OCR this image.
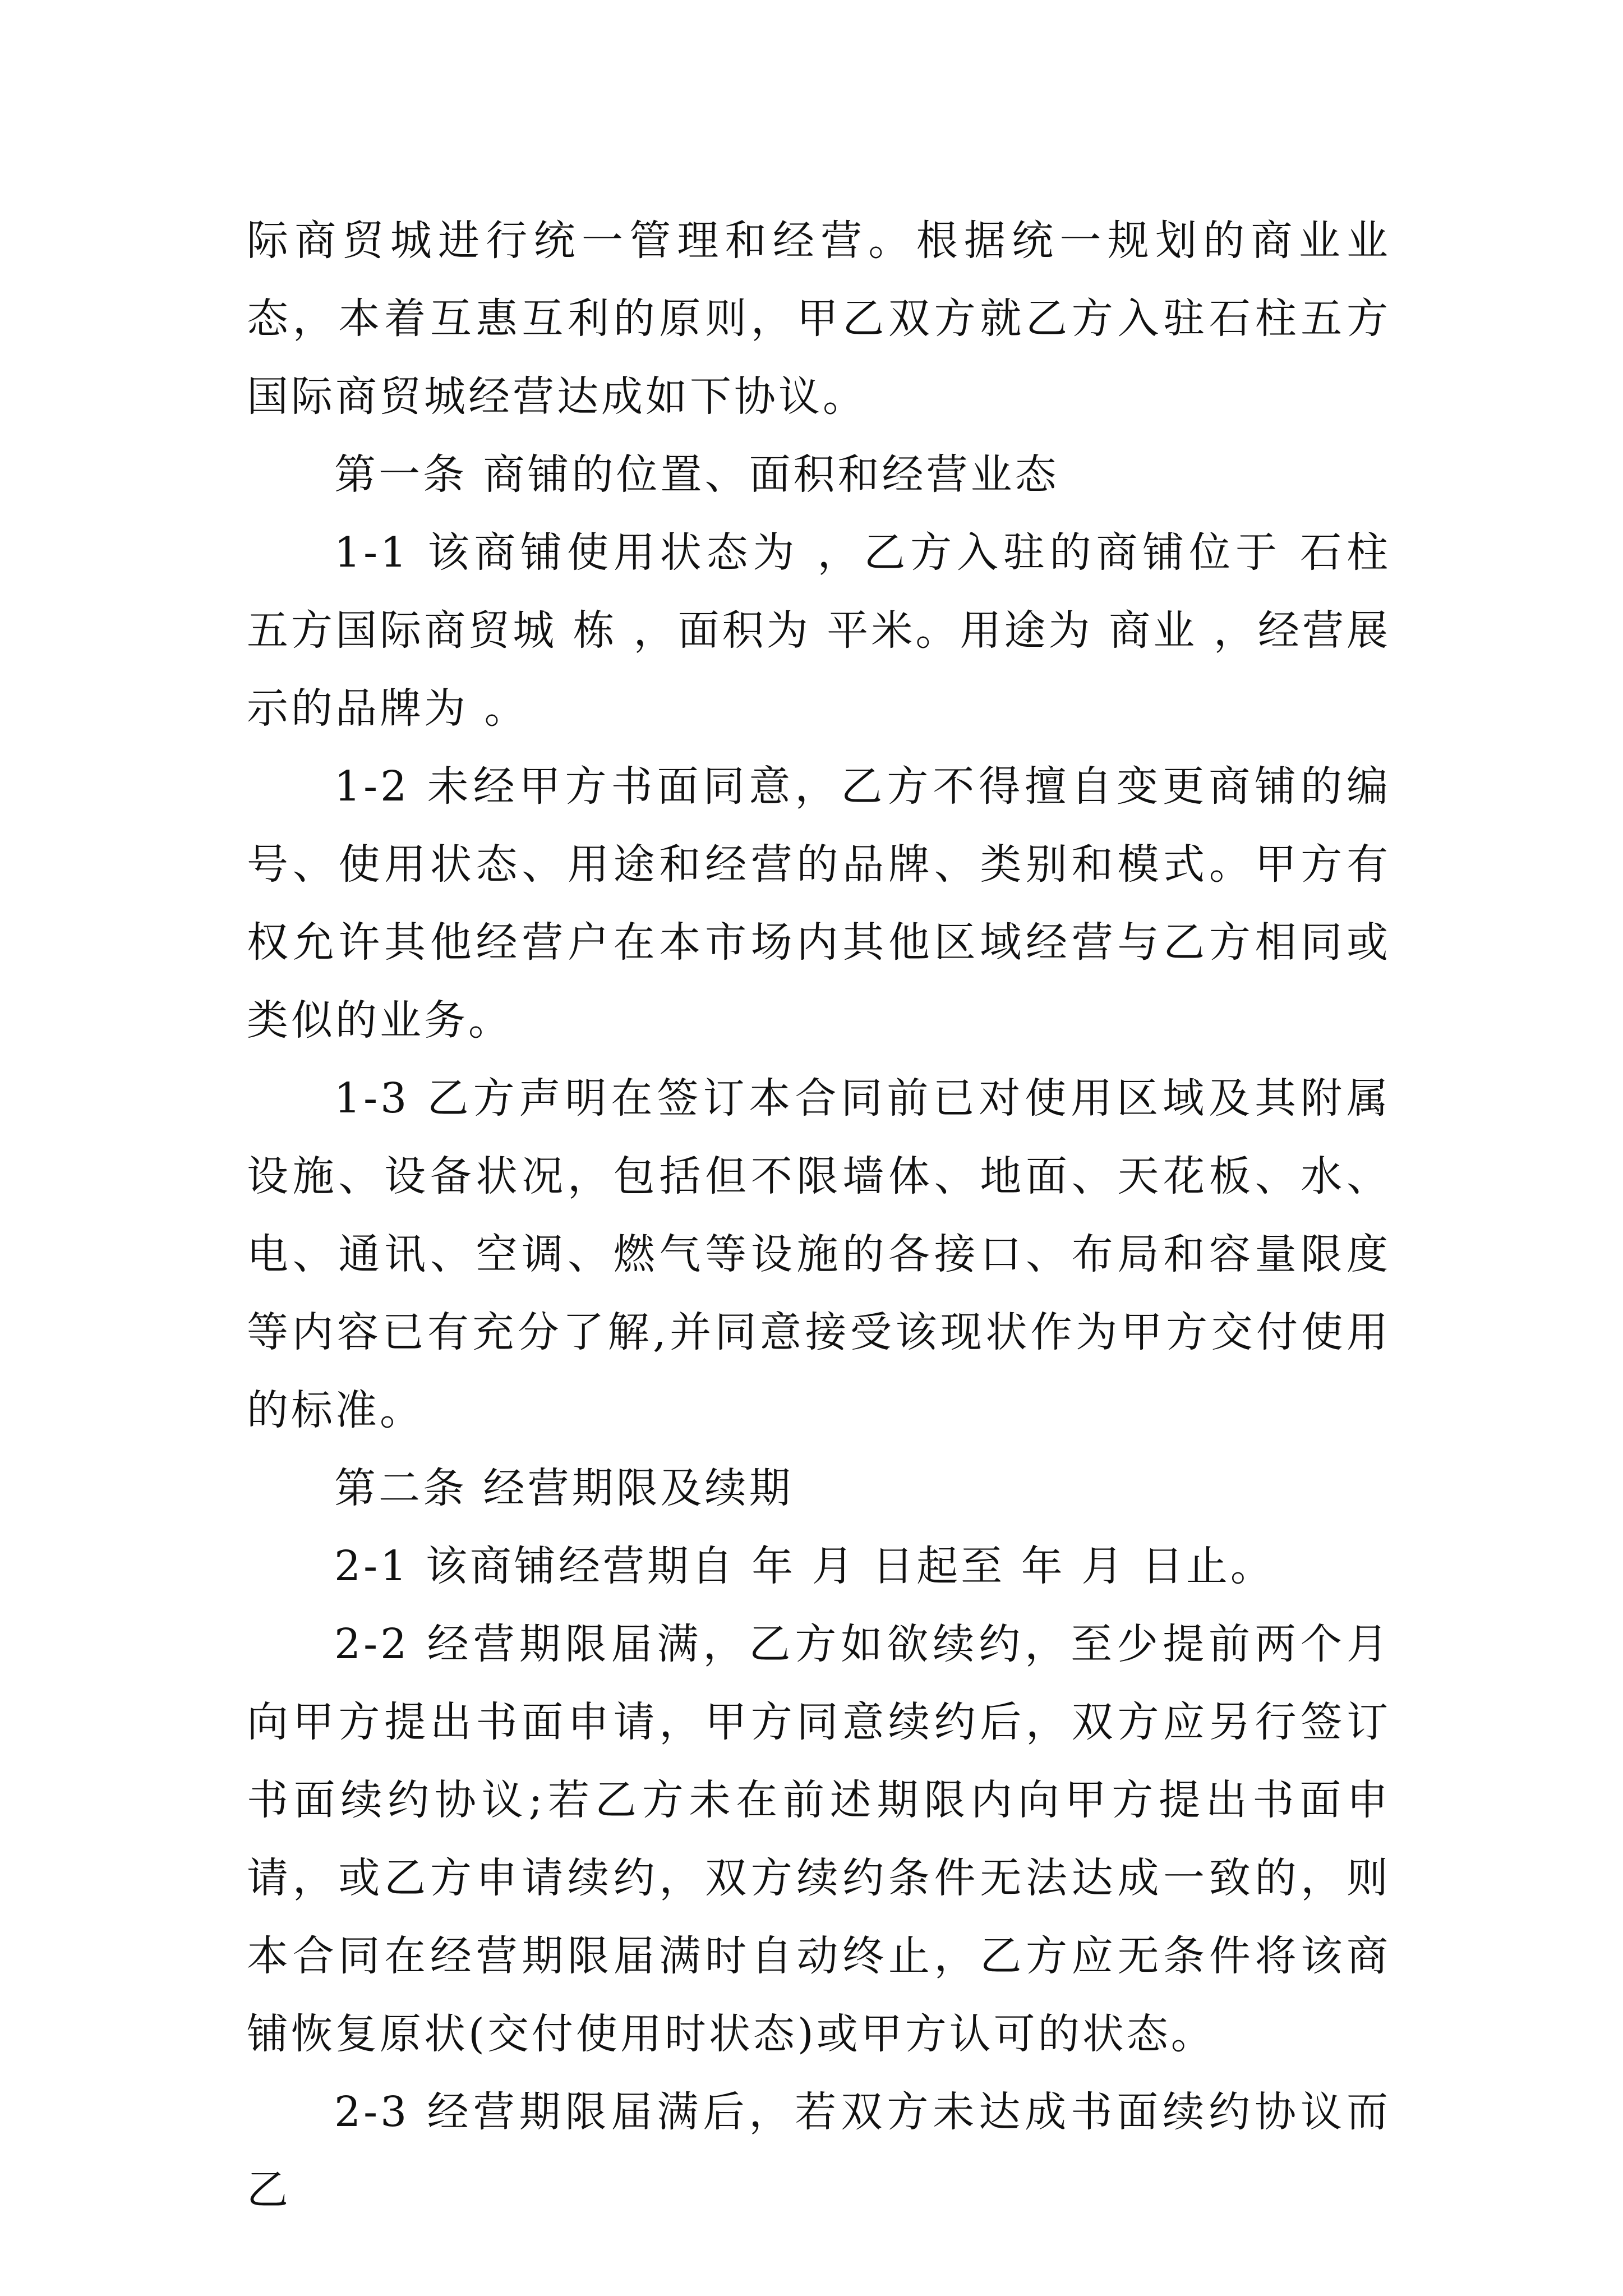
际商贸城进行统一管理和经营。根据统一规划的商业业态，本着互惠互利的原则，甲乙双方就乙方入驻石柱五方国际商贸城经营达成如下协议。

第一条 商铺的位置、面积和经营业态

1-1 该商铺使用状态为 ，乙方入驻的商铺位于 石柱 五方国际商贸城 栋 ，面积为 平米。用途为 商业 ，经营展示的品牌为 。

1-2 未经甲方书面同意，乙方不得擅自变更商铺的编号、使用状态、用途和经营的品牌、类别和模式。甲方有权允许其他经营户在本市场内其他区域经营与乙方相同或类似的业务。

1-3 乙方声明在签订本合同前已对使用区域及其附属设施、设备状况，包括但不限墙体、地面、天花板、水、电、通讯、空调、燃气等设施的各接口、布局和容量限度等内容已有充分了解,并同意接受该现状作为甲方交付使用的标准。

第二条 经营期限及续期

2-1 该商铺经营期自 年 月 日起至 年 月 日止。

2-2 经营期限届满，乙方如欲续约，至少提前两个月向甲方提出书面申请，甲方同意续约后，双方应另行签订书面续约协议;若乙方未在前述期限内向甲方提出书面申请，或乙方申请续约，双方续约条件无法达成一致的，则本合同在经营期限届满时自动终止，乙方应无条件将该商铺恢复原状(交付使用时状态)或甲方认可的状态。

2-3 经营期限届满后，若双方未达成书面续约协议而乙
